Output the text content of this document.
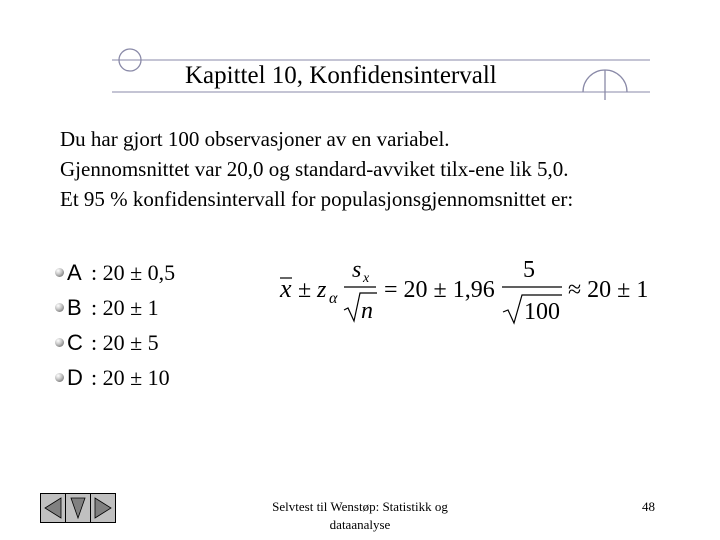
Kapittel 10, Konfidensintervall
Du har gjort 100 observasjoner av en variabel.
Gjennomsnittet var 20,0 og standard-avviket tilx-ene lik 5,0.
Et 95 % konfidensintervall for populasjonsgjennomsnittet er:
A : 20 ± 0,5
B : 20 ± 1
C : 20 ± 5
D : 20 ± 10
x ± z α
s x
n
= 20 ± 1,96
5
100
≈ 20 ± 1
Selvtest til Wenstøp: Statistikk og
dataanalyse
48
